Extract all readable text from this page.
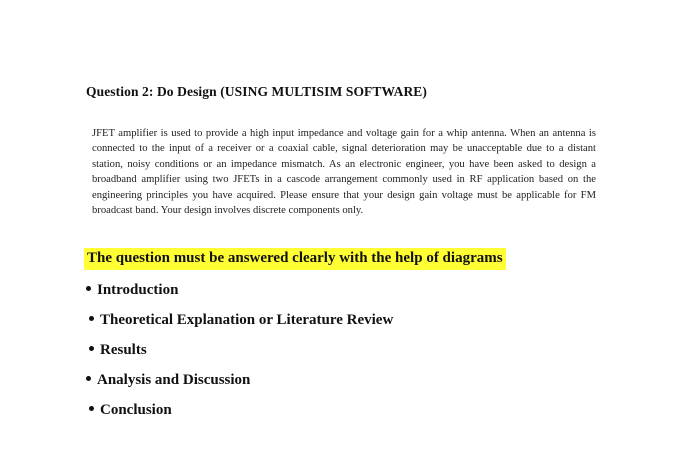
Question 2: Do Design (USING MULTISIM SOFTWARE)

JFET amplifier is used to provide a high input impedance and voltage gain for a whip antenna. When an antenna is connected to the input of a receiver or a coaxial cable, signal deterioration may be unacceptable due to a distant station, noisy conditions or an impedance mismatch. As an electronic engineer, you have been asked to design a broadband amplifier using two JFETs in a cascode arrangement commonly used in RF application based on the engineering principles you have acquired. Please ensure that your design gain voltage must be applicable for FM broadcast band. Your design involves discrete components only.

The question must be answered clearly with the help of diagrams
Introduction
Theoretical Explanation or Literature Review
Results
Analysis and Discussion
Conclusion
